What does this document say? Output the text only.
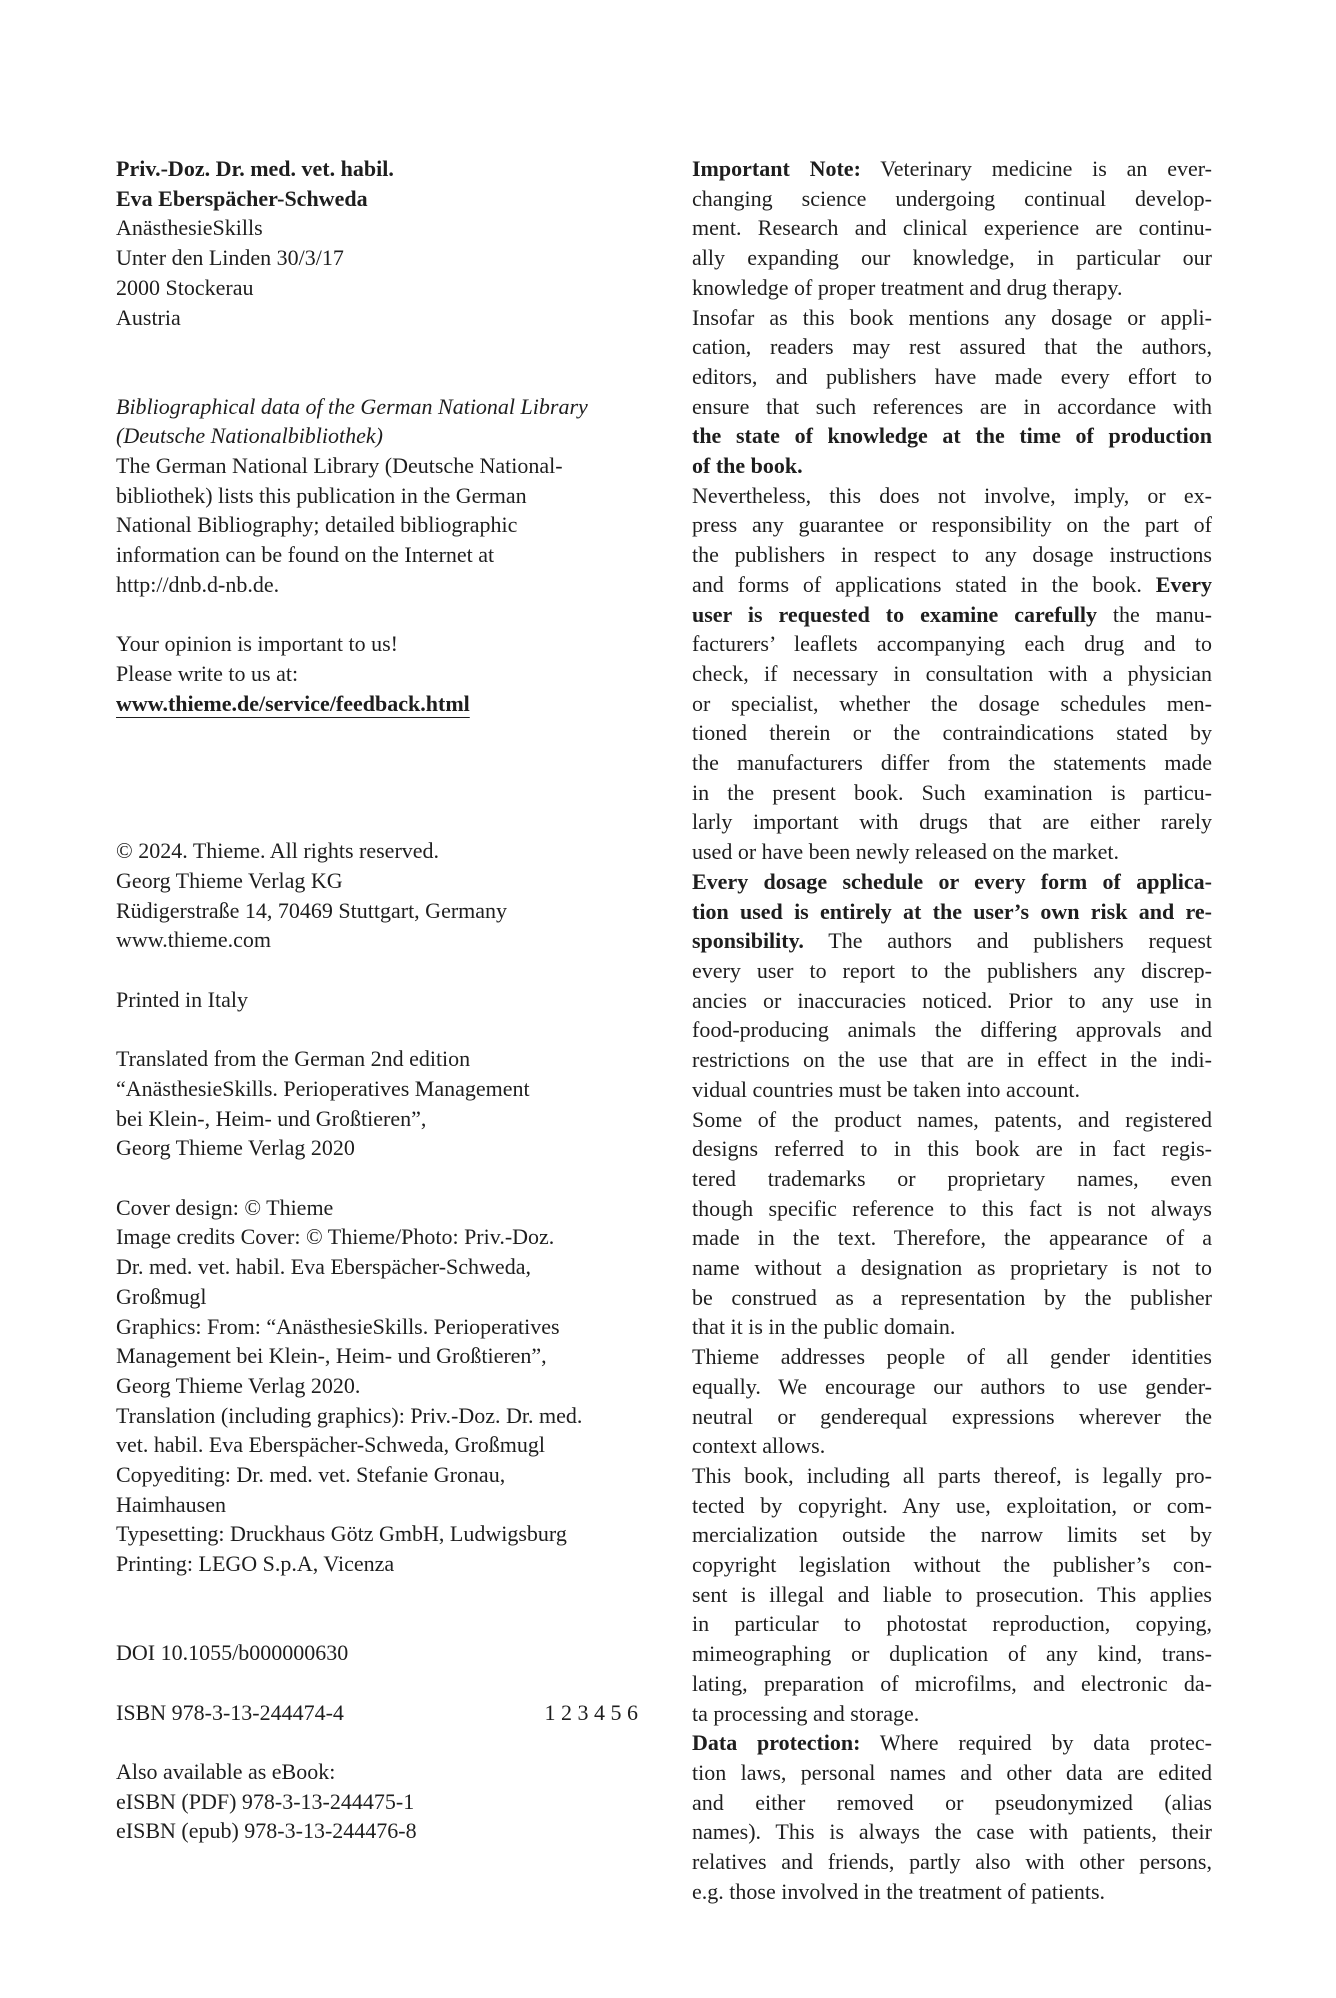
Priv.-Doz. Dr. med. vet. habil.
Eva Eberspächer-Schweda
AnästhesieSkills
Unter den Linden 30/3/17
2000 Stockerau
Austria
Bibliographical data of the German National Library
(Deutsche Nationalbibliothek)
The German National Library (Deutsche National-
bibliothek) lists this publication in the German
National Bibliography; detailed bibliographic
information can be found on the Internet at
http://dnb.d-nb.de.
Your opinion is important to us!
Please write to us at:
www.thieme.de/service/feedback.html
© 2024. Thieme. All rights reserved.
Georg Thieme Verlag KG
Rüdigerstraße 14, 70469 Stuttgart, Germany
www.thieme.com
Printed in Italy
Translated from the German 2nd edition
“AnästhesieSkills. Perioperatives Management
bei Klein-, Heim- und Großtieren”,
Georg Thieme Verlag 2020
Cover design: © Thieme
Image credits Cover: © Thieme/Photo: Priv.-Doz.
Dr. med. vet. habil. Eva Eberspächer-Schweda,
Großmugl
Graphics: From: “AnästhesieSkills. Perioperatives
Management bei Klein-, Heim- und Großtieren”,
Georg Thieme Verlag 2020.
Translation (including graphics): Priv.-Doz. Dr. med.
vet. habil. Eva Eberspächer-Schweda, Großmugl
Copyediting: Dr. med. vet. Stefanie Gronau,
Haimhausen
Typesetting: Druckhaus Götz GmbH, Ludwigsburg
Printing: LEGO S.p.A, Vicenza
DOI 10.1055/b000000630
ISBN 978-3-13-244474-4	1 2 3 4 5 6
Also available as eBook:
eISBN (PDF) 978-3-13-244475-1
eISBN (epub) 978-3-13-244476-8
Important Note: Veterinary medicine is an ever-
changing science undergoing continual develop-
ment. Research and clinical experience are continu-
ally expanding our knowledge, in particular our
knowledge of proper treatment and drug therapy.
Insofar as this book mentions any dosage or appli-
cation, readers may rest assured that the authors,
editors, and publishers have made every effort to
ensure that such references are in accordance with
the state of knowledge at the time of production
of the book.
Nevertheless, this does not involve, imply, or ex-
press any guarantee or responsibility on the part of
the publishers in respect to any dosage instructions
and forms of applications stated in the book. Every
user is requested to examine carefully the manu-
facturers’ leaflets accompanying each drug and to
check, if necessary in consultation with a physician
or specialist, whether the dosage schedules men-
tioned therein or the contraindications stated by
the manufacturers differ from the statements made
in the present book. Such examination is particu-
larly important with drugs that are either rarely
used or have been newly released on the market.
Every dosage schedule or every form of applica-
tion used is entirely at the user’s own risk and re-
sponsibility. The authors and publishers request
every user to report to the publishers any discrep-
ancies or inaccuracies noticed. Prior to any use in
food-producing animals the differing approvals and
restrictions on the use that are in effect in the indi-
vidual countries must be taken into account.
Some of the product names, patents, and registered
designs referred to in this book are in fact regis-
tered trademarks or proprietary names, even
though specific reference to this fact is not always
made in the text. Therefore, the appearance of a
name without a designation as proprietary is not to
be construed as a representation by the publisher
that it is in the public domain.
Thieme addresses people of all gender identities
equally. We encourage our authors to use gender-
neutral or genderequal expressions wherever the
context allows.
This book, including all parts thereof, is legally pro-
tected by copyright. Any use, exploitation, or com-
mercialization outside the narrow limits set by
copyright legislation without the publisher’s con-
sent is illegal and liable to prosecution. This applies
in particular to photostat reproduction, copying,
mimeographing or duplication of any kind, trans-
lating, preparation of microfilms, and electronic da-
ta processing and storage.
Data protection: Where required by data protec-
tion laws, personal names and other data are edited
and either removed or pseudonymized (alias
names). This is always the case with patients, their
relatives and friends, partly also with other persons,
e.g. those involved in the treatment of patients.
